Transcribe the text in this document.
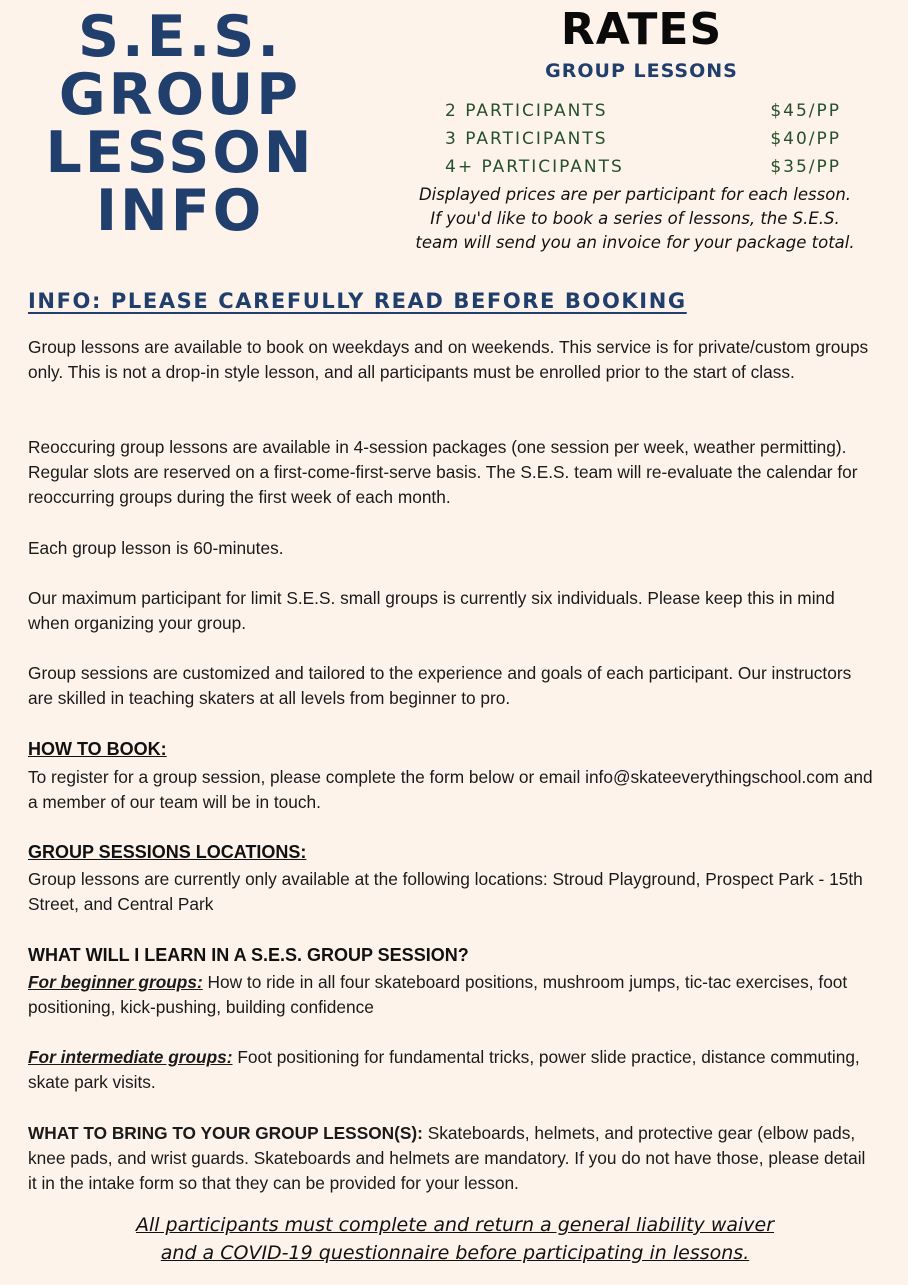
S.E.S.
GROUP
LESSON
INFO
RATES
GROUP LESSONS
2 PARTICIPANTS	$45/PP
3 PARTICIPANTS	$40/PP
4+ PARTICIPANTS	$35/PP
Displayed prices are per participant for each lesson.
If you'd like to book a series of lessons, the S.E.S.
team will send you an invoice for your package total.
INFO: PLEASE CAREFULLY READ BEFORE BOOKING
Group lessons are available to book on weekdays and on weekends. This service is for private/custom groups only. This is not a drop-in style lesson, and all participants must be enrolled prior to the start of class.
Reoccuring group lessons are available in 4-session packages (one session per week, weather permitting). Regular slots are reserved on a first-come-first-serve basis. The S.E.S. team will re-evaluate the calendar for reoccurring groups during the first week of each month.
Each group lesson is 60-minutes.
Our maximum participant for limit S.E.S. small groups is currently six individuals. Please keep this in mind when organizing your group.
Group sessions are customized and tailored to the experience and goals of each participant. Our instructors are skilled in teaching skaters at all levels from beginner to pro.
HOW TO BOOK:
To register for a group session, please complete the form below or email info@skateeverythingschool.com and a member of our team will be in touch.
GROUP SESSIONS LOCATIONS:
Group lessons are currently only available at the following locations: Stroud Playground, Prospect Park - 15th Street, and Central Park
WHAT WILL I LEARN IN A S.E.S. GROUP SESSION?
For beginner groups: How to ride in all four skateboard positions, mushroom jumps, tic-tac exercises, foot positioning, kick-pushing, building confidence
For intermediate groups: Foot positioning for fundamental tricks, power slide practice, distance commuting, skate park visits.
WHAT TO BRING TO YOUR GROUP LESSON(S): Skateboards, helmets, and protective gear (elbow pads, knee pads, and wrist guards. Skateboards and helmets are mandatory. If you do not have those, please detail it in the intake form so that they can be provided for your lesson.
All participants must complete and return a general liability waiver
and a COVID-19 questionnaire before participating in lessons.
